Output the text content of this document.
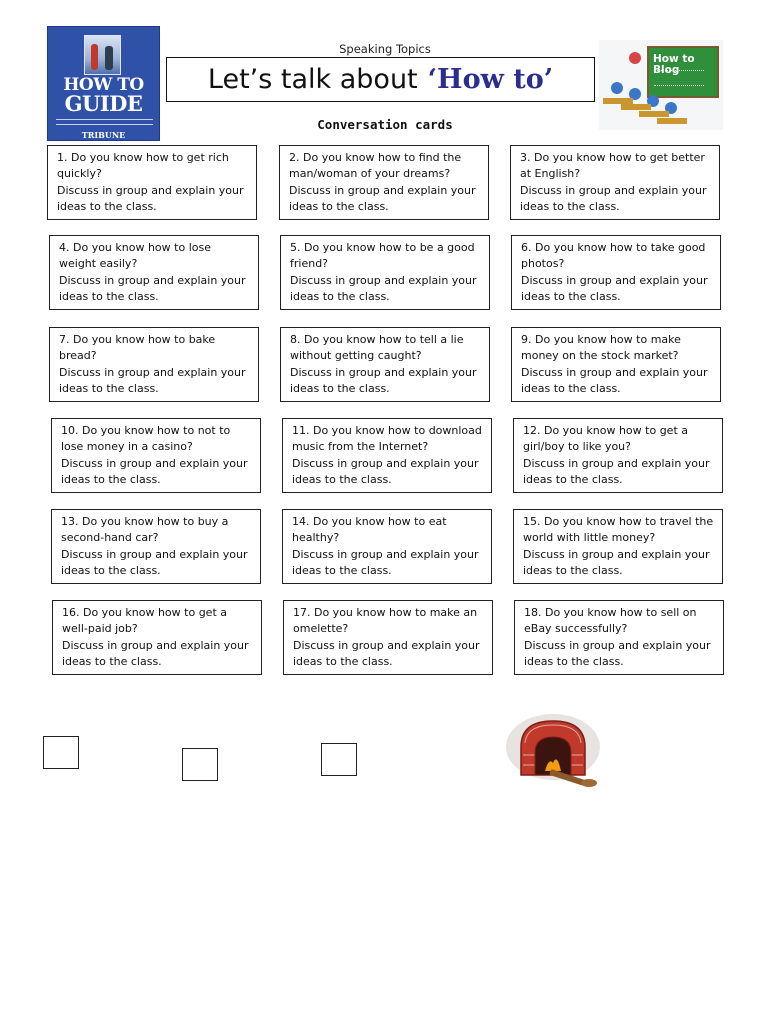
HOW TO
GUIDE
TRIBUNE
Speaking Topics
Let’s talk about ‘How to’
How to Blog
Conversation cards

1. Do you know how to get rich quickly?

Discuss in group and explain your ideas to the class.

2. Do you know how to find the man/woman of your dreams?

Discuss in group and explain your ideas to the class.

3. Do you know how to get better at English?

Discuss in group and explain your ideas to the class.

4. Do you know how to lose weight easily?

Discuss in group and explain your ideas to the class.

5. Do you know how to be a good friend?

Discuss in group and explain your ideas to the class.

6. Do you know how to take good photos?

Discuss in group and explain your ideas to the class.

7. Do you know how to bake bread?

Discuss in group and explain your ideas to the class.

8. Do you know how to tell a lie without getting caught?

Discuss in group and explain your ideas to the class.

9. Do you know how to make money on the stock market?

Discuss in group and explain your ideas to the class.

10. Do you know how to not to lose money in a casino?

Discuss in group and explain your ideas to the class.

11. Do you know how to download music from the Internet?

Discuss in group and explain your ideas to the class.

12. Do you know how to get a girl/boy to like you?

Discuss in group and explain your ideas to the class.

13. Do you know how to buy a second-hand car?

Discuss in group and explain your ideas to the class.

14. Do you know how to eat healthy?

Discuss in group and explain your ideas to the class.

15. Do you know how to travel the world with little money?

Discuss in group and explain your ideas to the class.

16. Do you know how to get a well-paid job?

Discuss in group and explain your ideas to the class.

17. Do you know how to make an omelette?

Discuss in group and explain your ideas to the class.

18. Do you know how to sell on eBay successfully?

Discuss in group and explain your ideas to the class.
